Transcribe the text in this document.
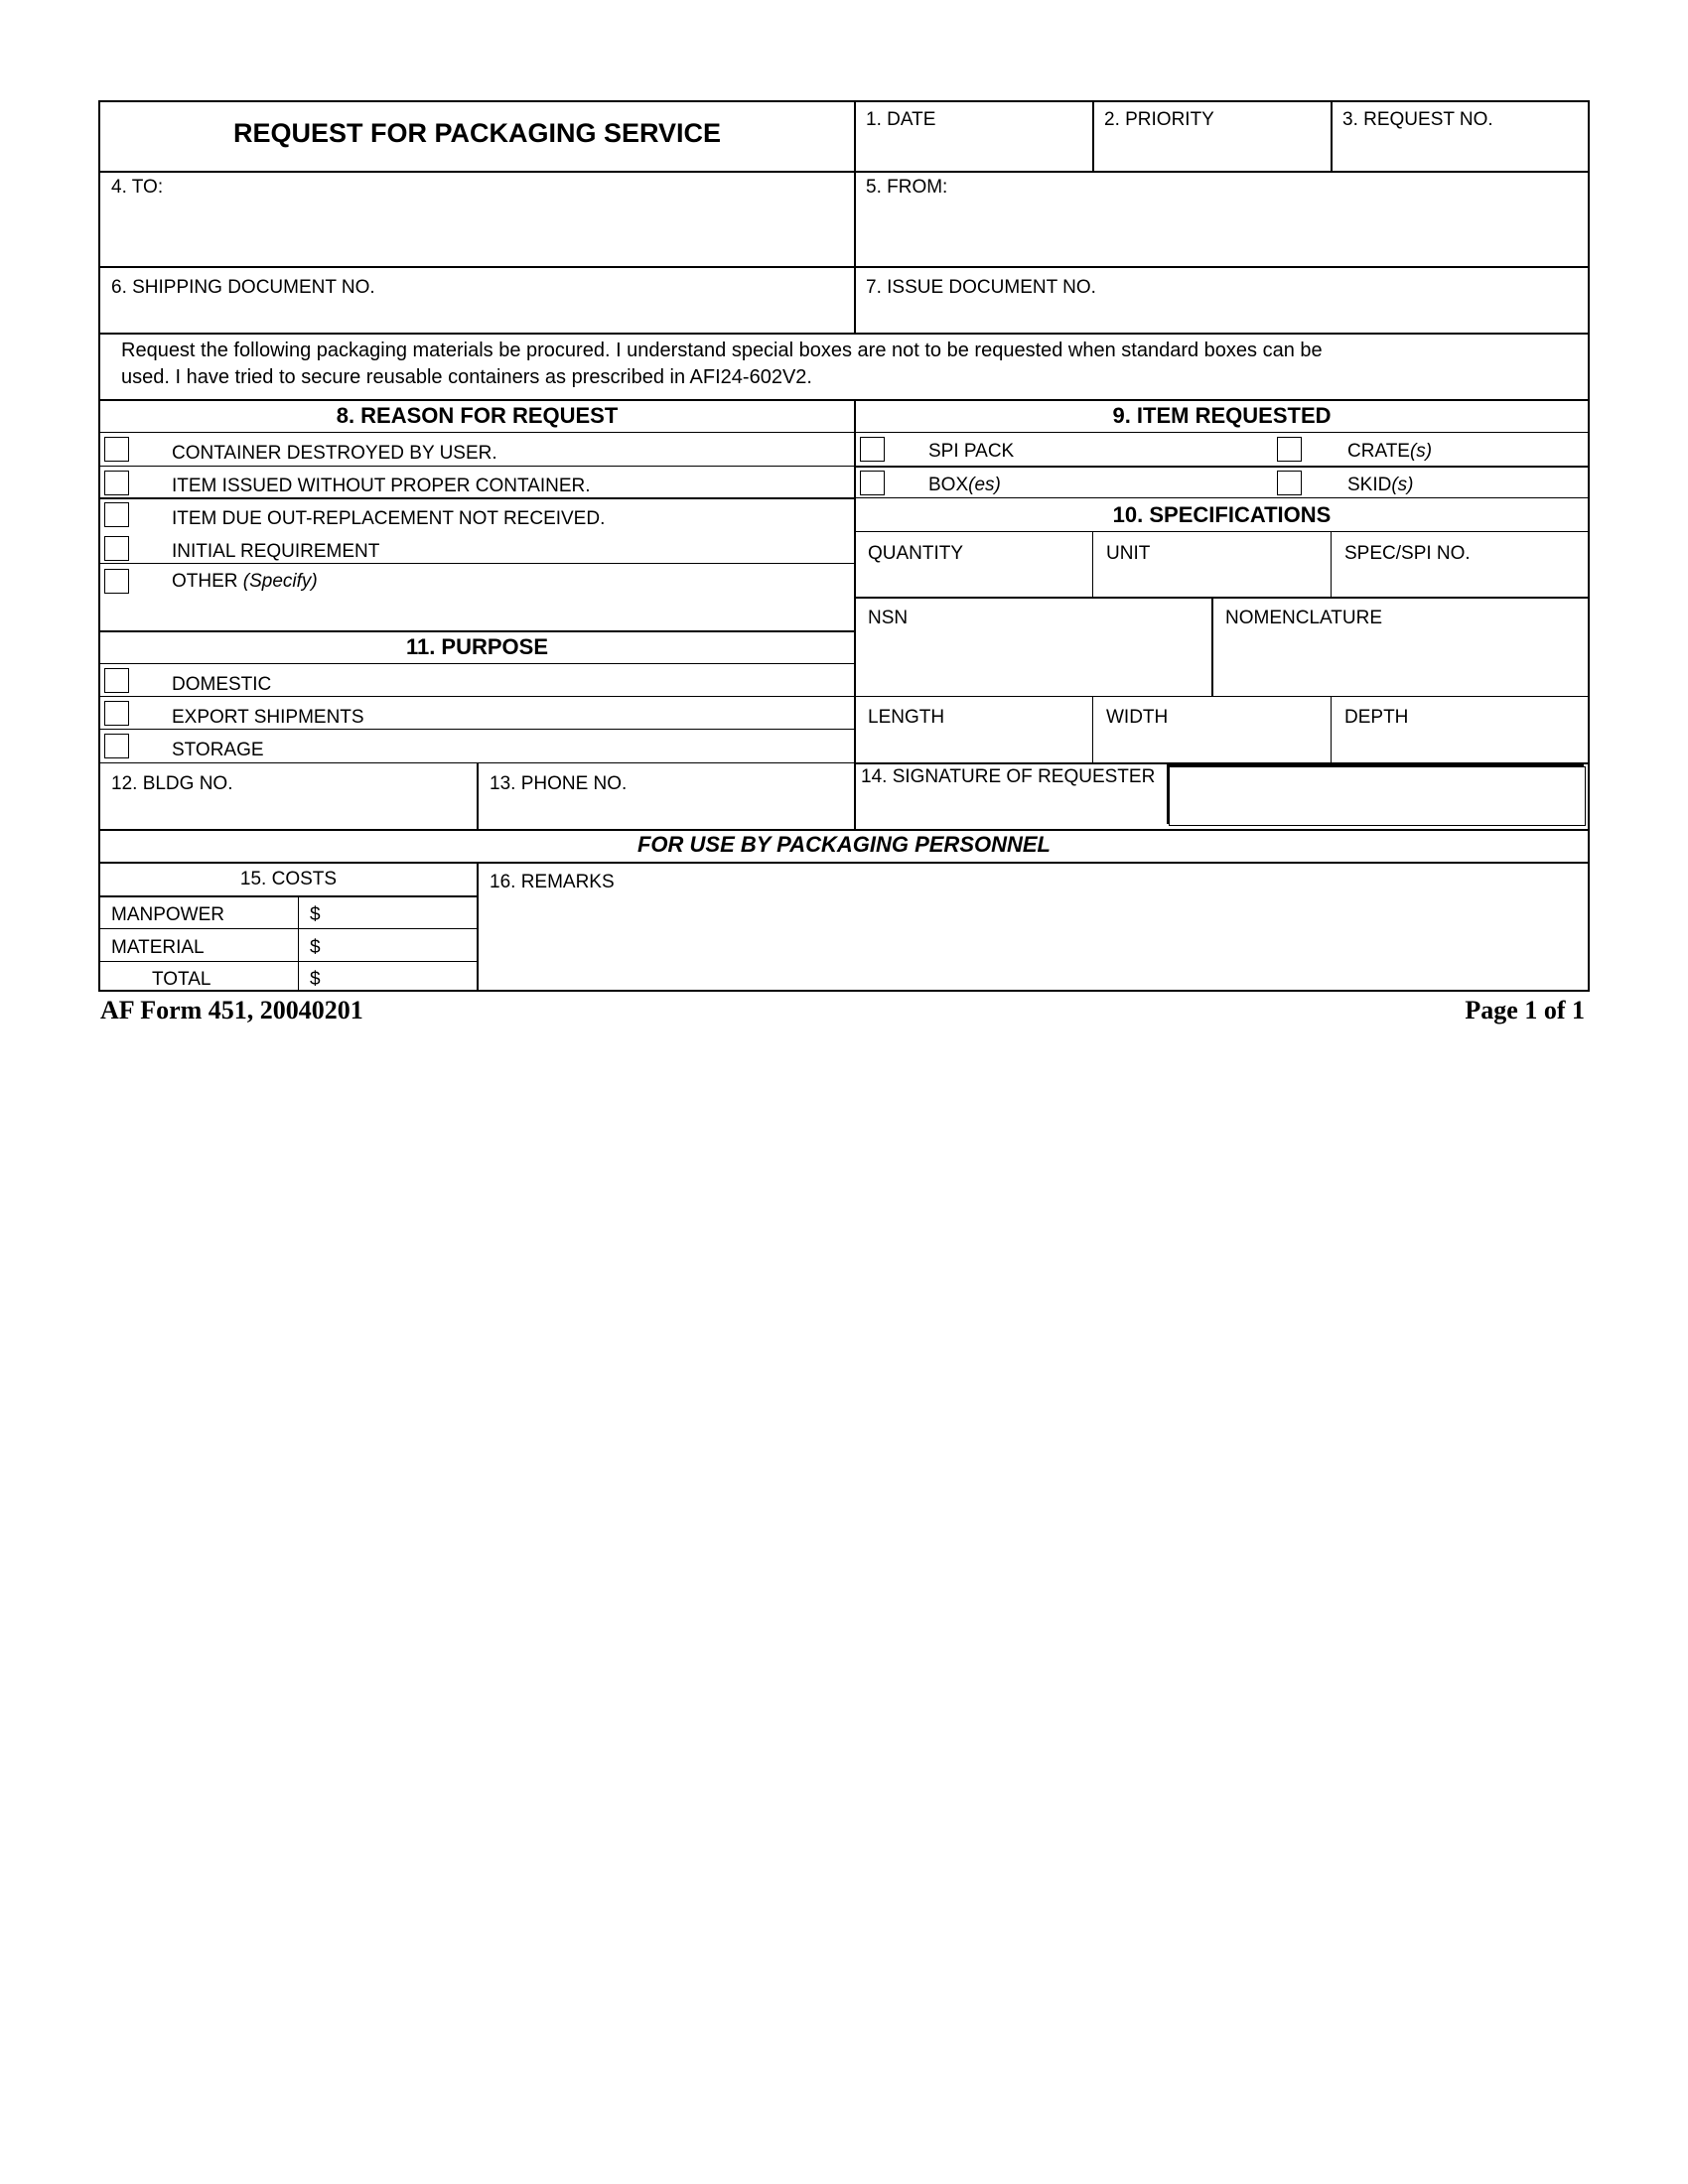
REQUEST FOR PACKAGING SERVICE	1. DATE	2. PRIORITY	3. REQUEST NO.
4. TO:	5. FROM:
6. SHIPPING DOCUMENT NO.	7. ISSUE DOCUMENT NO.
Request the following packaging materials be procured. I understand special boxes are not to be requested when standard boxes can be
used. I have tried to secure reusable containers as prescribed in AFI24-602V2.
8. REASON FOR REQUEST
CONTAINER DESTROYED BY USER.
ITEM ISSUED WITHOUT PROPER CONTAINER.
ITEM DUE OUT-REPLACEMENT NOT RECEIVED.
INITIAL REQUIREMENT
OTHER (Specify)
11. PURPOSE
DOMESTIC
EXPORT SHIPMENTS
STORAGE
9. ITEM REQUESTED
SPI PACK	CRATE(s)
BOX(es)	SKID(s)
10. SPECIFICATIONS
QUANTITY	UNIT	SPEC/SPI NO.
NSN	NOMENCLATURE
LENGTH	WIDTH	DEPTH
12. BLDG NO.	13. PHONE NO.	14. SIGNATURE OF REQUESTER
FOR USE BY PACKAGING PERSONNEL
15. COSTS
MANPOWER	$
MATERIAL	$
TOTAL	$
16. REMARKS
AF Form 451, 20040201	Page 1 of 1
